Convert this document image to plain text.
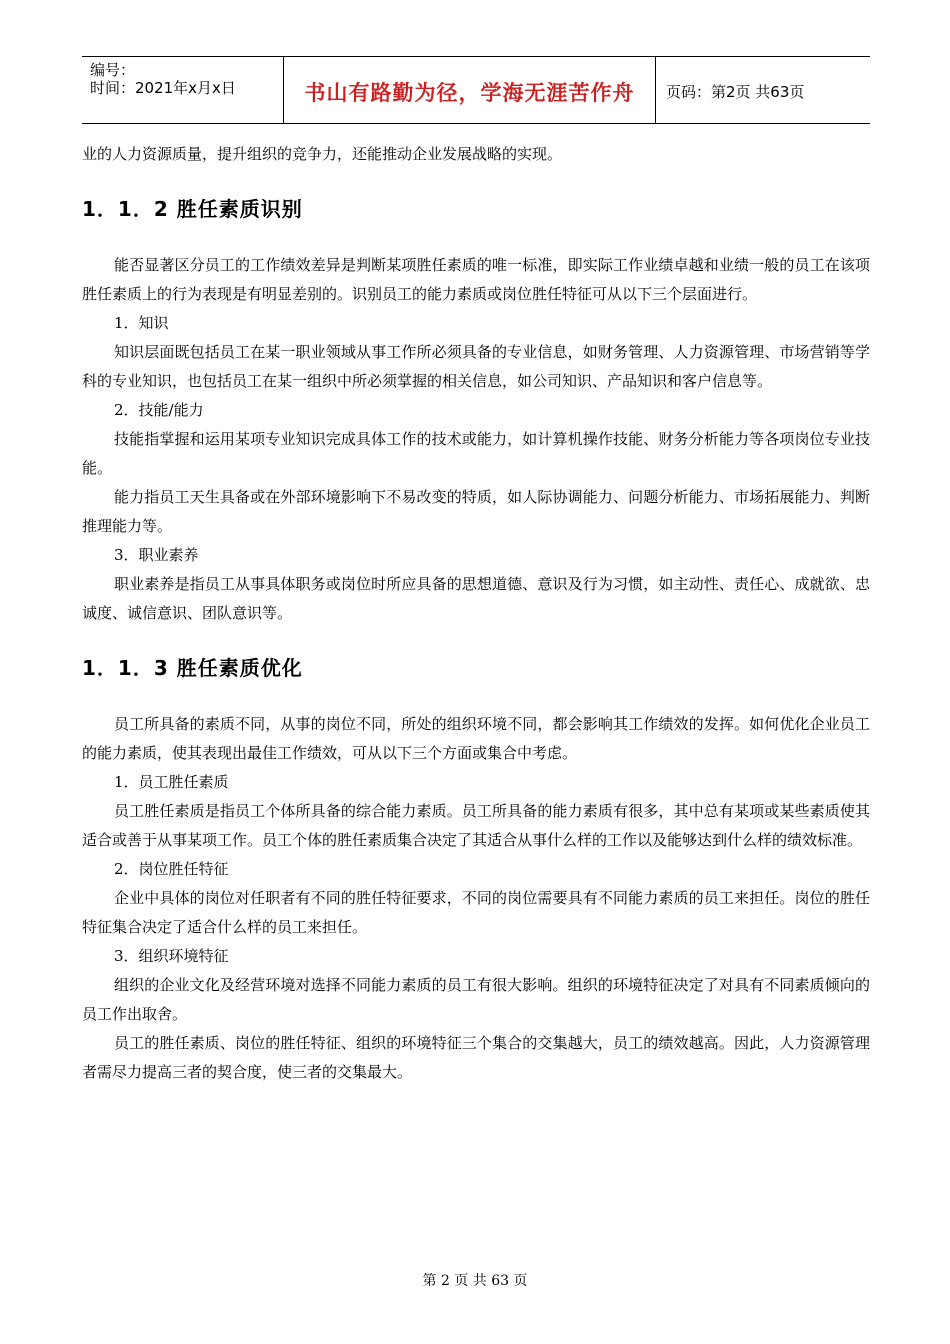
编号：
时间：2021年x月x日	书山有路勤为径，学海无涯苦作舟	页码：第2页 共63页

业的人力资源质量，提升组织的竞争力，还能推动企业发展战略的实现。

1．1．2 胜任素质识别

能否显著区分员工的工作绩效差异是判断某项胜任素质的唯一标准，即实际工作业绩卓越和业绩一般的员工在该项胜任素质上的行为表现是有明显差别的。识别员工的能力素质或岗位胜任特征可从以下三个层面进行。

1．知识

知识层面既包括员工在某一职业领域从事工作所必须具备的专业信息，如财务管理、人力资源管理、市场营销等学科的专业知识，也包括员工在某一组织中所必须掌握的相关信息，如公司知识、产品知识和客户信息等。

2．技能/能力

技能指掌握和运用某项专业知识完成具体工作的技术或能力，如计算机操作技能、财务分析能力等各项岗位专业技能。

能力指员工天生具备或在外部环境影响下不易改变的特质，如人际协调能力、问题分析能力、市场拓展能力、判断推理能力等。

3．职业素养

职业素养是指员工从事具体职务或岗位时所应具备的思想道德、意识及行为习惯，如主动性、责任心、成就欲、忠诚度、诚信意识、团队意识等。

1．1．3 胜任素质优化

员工所具备的素质不同，从事的岗位不同，所处的组织环境不同，都会影响其工作绩效的发挥。如何优化企业员工的能力素质，使其表现出最佳工作绩效，可从以下三个方面或集合中考虑。

1．员工胜任素质

员工胜任素质是指员工个体所具备的综合能力素质。员工所具备的能力素质有很多，其中总有某项或某些素质使其适合或善于从事某项工作。员工个体的胜任素质集合决定了其适合从事什么样的工作以及能够达到什么样的绩效标准。

2．岗位胜任特征

企业中具体的岗位对任职者有不同的胜任特征要求，不同的岗位需要具有不同能力素质的员工来担任。岗位的胜任特征集合决定了适合什么样的员工来担任。

3．组织环境特征

组织的企业文化及经营环境对选择不同能力素质的员工有很大影响。组织的环境特征决定了对具有不同素质倾向的员工作出取舍。

员工的胜任素质、岗位的胜任特征、组织的环境特征三个集合的交集越大，员工的绩效越高。因此，人力资源管理者需尽力提高三者的契合度，使三者的交集最大。

第 2 页 共 63 页
